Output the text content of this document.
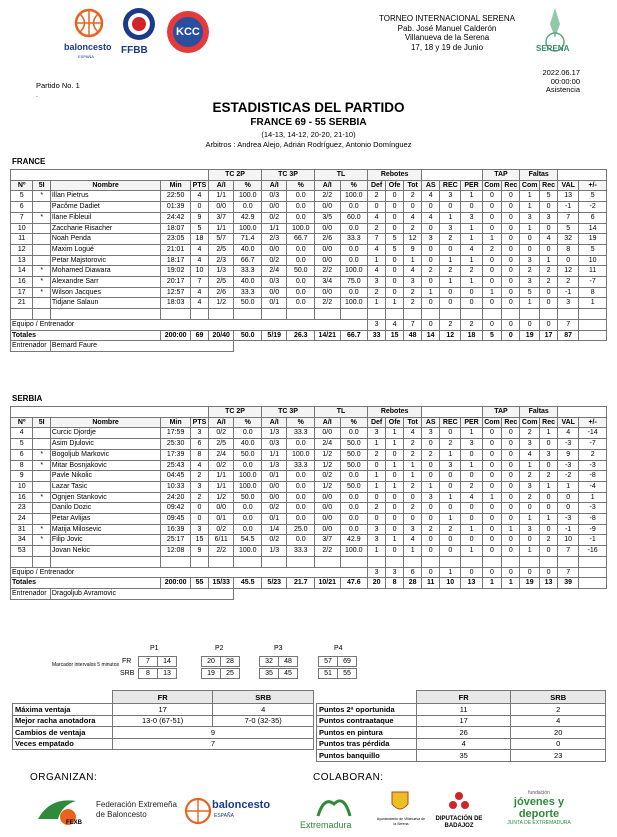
baloncesto
ESPAÑA
FFBB
KCC
TORNEO INTERNACIONAL SERENA
Pab. José Manuel Calderón
Villanueva de la Serena
17, 18 y 19 de Junio	SERENA
Partido No. 1
.
2022.06.17
00:00:00
Asistencia
ESTADISTICAS DEL PARTIDO
FRANCE 69 - 55 SERBIA
(14-13, 14-12, 20-20, 21-10)
Arbitros : Andrea Alejo, Adrián Rodríguez, Antonio Domínguez
FRANCE
					TC 2P		TC 3P		TL		Rebotes						TAP		Faltas			
Nº	5I	Nombre	Min	PTS	A/I	%	A/I	%	A/I	%	Def	Ofe	Tot	AS	REC	PER	Com	Rec	Com	Rec	VAL	+/-
5	*	Illan Pietrus	22:50	4	1/1	100.0	0/3	0.0	2/2	100.0	2	0	2	4	3	1	0	0	1	5	13	5
6		Pacôme Dadiet	01:39	0	0/0	0.0	0/0	0.0	0/0	0.0	0	0	0	0	0	0	0	0	1	0	-1	-2
7	*	Ilane Fibleuil	24:42	9	3/7	42.9	0/2	0.0	3/5	60.0	4	0	4	4	1	3	0	0	3	3	7	6
10		Zaccharie Risacher	18:07	5	1/1	100.0	1/1	100.0	0/0	0.0	2	0	2	0	3	1	0	0	1	0	5	14
11		Noah Penda	23:05	18	5/7	71.4	2/3	66.7	2/6	33.3	7	5	12	3	2	1	1	0	0	4	32	19
12		Maxim Logué	21:01	4	2/5	40.0	0/0	0.0	0/0	0.0	4	5	9	0	0	4	2	0	0	0	8	5
13		Petar Majstorovic	18:17	4	2/3	66.7	0/2	0.0	0/0	0.0	1	0	1	0	1	1	0	0	3	1	0	10
14	*	Mohamed Diawara	19:02	10	1/3	33.3	2/4	50.0	2/2	100.0	4	0	4	2	2	2	0	0	2	2	12	11
16	*	Alexandre Sarr	20:17	7	2/5	40.0	0/3	0.0	3/4	75.0	3	0	3	0	1	1	0	0	3	2	2	-7
17	*	Wilson Jacques	12:57	4	2/6	33.3	0/0	0.0	0/0	0.0	2	0	2	1	0	0	1	0	5	0	-1	8
21		Tidjane Salaun	18:03	4	1/2	50.0	0/1	0.0	2/2	100.0	1	1	2	0	0	0	0	0	1	0	3	1

Equipo / Entrenador											3	4	7	0	2	2	0	0	0	0	7	
Totales			200:00	69	20/40	50.0	5/19	26.3	14/21	66.7	33	15	48	14	12	18	5	0	19	17	87	
Entrenador		Bernard Faure																				
SERBIA
					TC 2P		TC 3P		TL		Rebotes						TAP		Faltas			
Nº	5I	Nombre	Min	PTS	A/I	%	A/I	%	A/I	%	Def	Ofe	Tot	AS	REC	PER	Com	Rec	Com	Rec	VAL	+/-
4		Curcic Djordje	17:59	3	0/2	0.0	1/3	33.3	0/0	0.0	3	1	4	3	0	1	0	0	2	1	4	-14
5		Asim Djulovic	25:30	6	2/5	40.0	0/3	0.0	2/4	50.0	1	1	2	0	2	3	0	0	3	0	-3	-7
6	*	Bogoljub Markovic	17:39	8	2/4	50.0	1/1	100.0	1/2	50.0	2	0	2	2	1	0	0	0	4	3	9	2
8	*	Mitar Bosnjakovic	25:43	4	0/2	0.0	1/3	33.3	1/2	50.0	0	1	1	0	3	1	0	0	1	0	-3	-3
9		Pavle Nikolic	04:45	2	1/1	100.0	0/1	0.0	0/2	0.0	1	0	1	0	0	0	0	0	2	2	-2	-8
10		Lazar Tasic	10:33	3	1/1	100.0	0/0	0.0	1/2	50.0	1	1	2	1	0	2	0	0	3	1	1	-4
16	*	Ognjen Stankovic	24:20	2	1/2	50.0	0/0	0.0	0/0	0.0	0	0	0	3	1	4	1	0	2	0	0	1
23		Danilo Dozic	09:42	0	0/0	0.0	0/2	0.0	0/0	0.0	2	0	2	0	0	0	0	0	0	0	0	-3
24		Petar Avlijas	09:45	0	0/1	0.0	0/1	0.0	0/0	0.0	0	0	0	0	1	0	0	0	1	1	-3	-8
31	*	Matija Milosevic	16:39	3	0/2	0.0	1/4	25.0	0/0	0.0	3	0	3	2	2	1	0	1	3	0	-1	-9
34	*	Filip Jovic	25:17	15	6/11	54.5	0/2	0.0	3/7	42.9	3	1	4	0	0	0	0	0	0	2	10	-1
53		Jovan Nekic	12:08	9	2/2	100.0	1/3	33.3	2/2	100.0	1	0	1	0	0	1	0	0	1	0	7	-16

Equipo / Entrenador											3	3	6	0	1	0	0	0	0	0	7	
Totales			200:00	55	15/33	45.5	5/23	21.7	10/21	47.6	20	8	28	11	10	13	1	1	19	13	39	
Entrenador		Dragoljub Avramovic																				
Marcador intervalos 5 minutos
P1	P2	P3	P4
FR
SRB
7	14	20	28	32	48	57	69
8	13	19	25	35	45	51	55
	FR	SRB
Máxima ventaja	17	4
Mejor racha anotadora	13-0 (67-51)	7-0 (32-35)
Cambios de ventaja	9	
Veces empatado	7	
	FR	SRB
Puntos 2ª oportunida	11	2
Puntos contraataque	17	4
Puntos en pintura	26	20
Puntos tras pérdida	4	0
Puntos banquillo	35	23
ORGANIZAN:	COLABORAN:
FEXB
Federación Extremeña de Baloncesto
baloncesto
ESPAÑA
Extremadura
Ayuntamiento de Villanueva de la Serena
DIPUTACIÓN DE BADAJOZ
fundación
jóvenes y deporte
JUNTA DE EXTREMADURA
